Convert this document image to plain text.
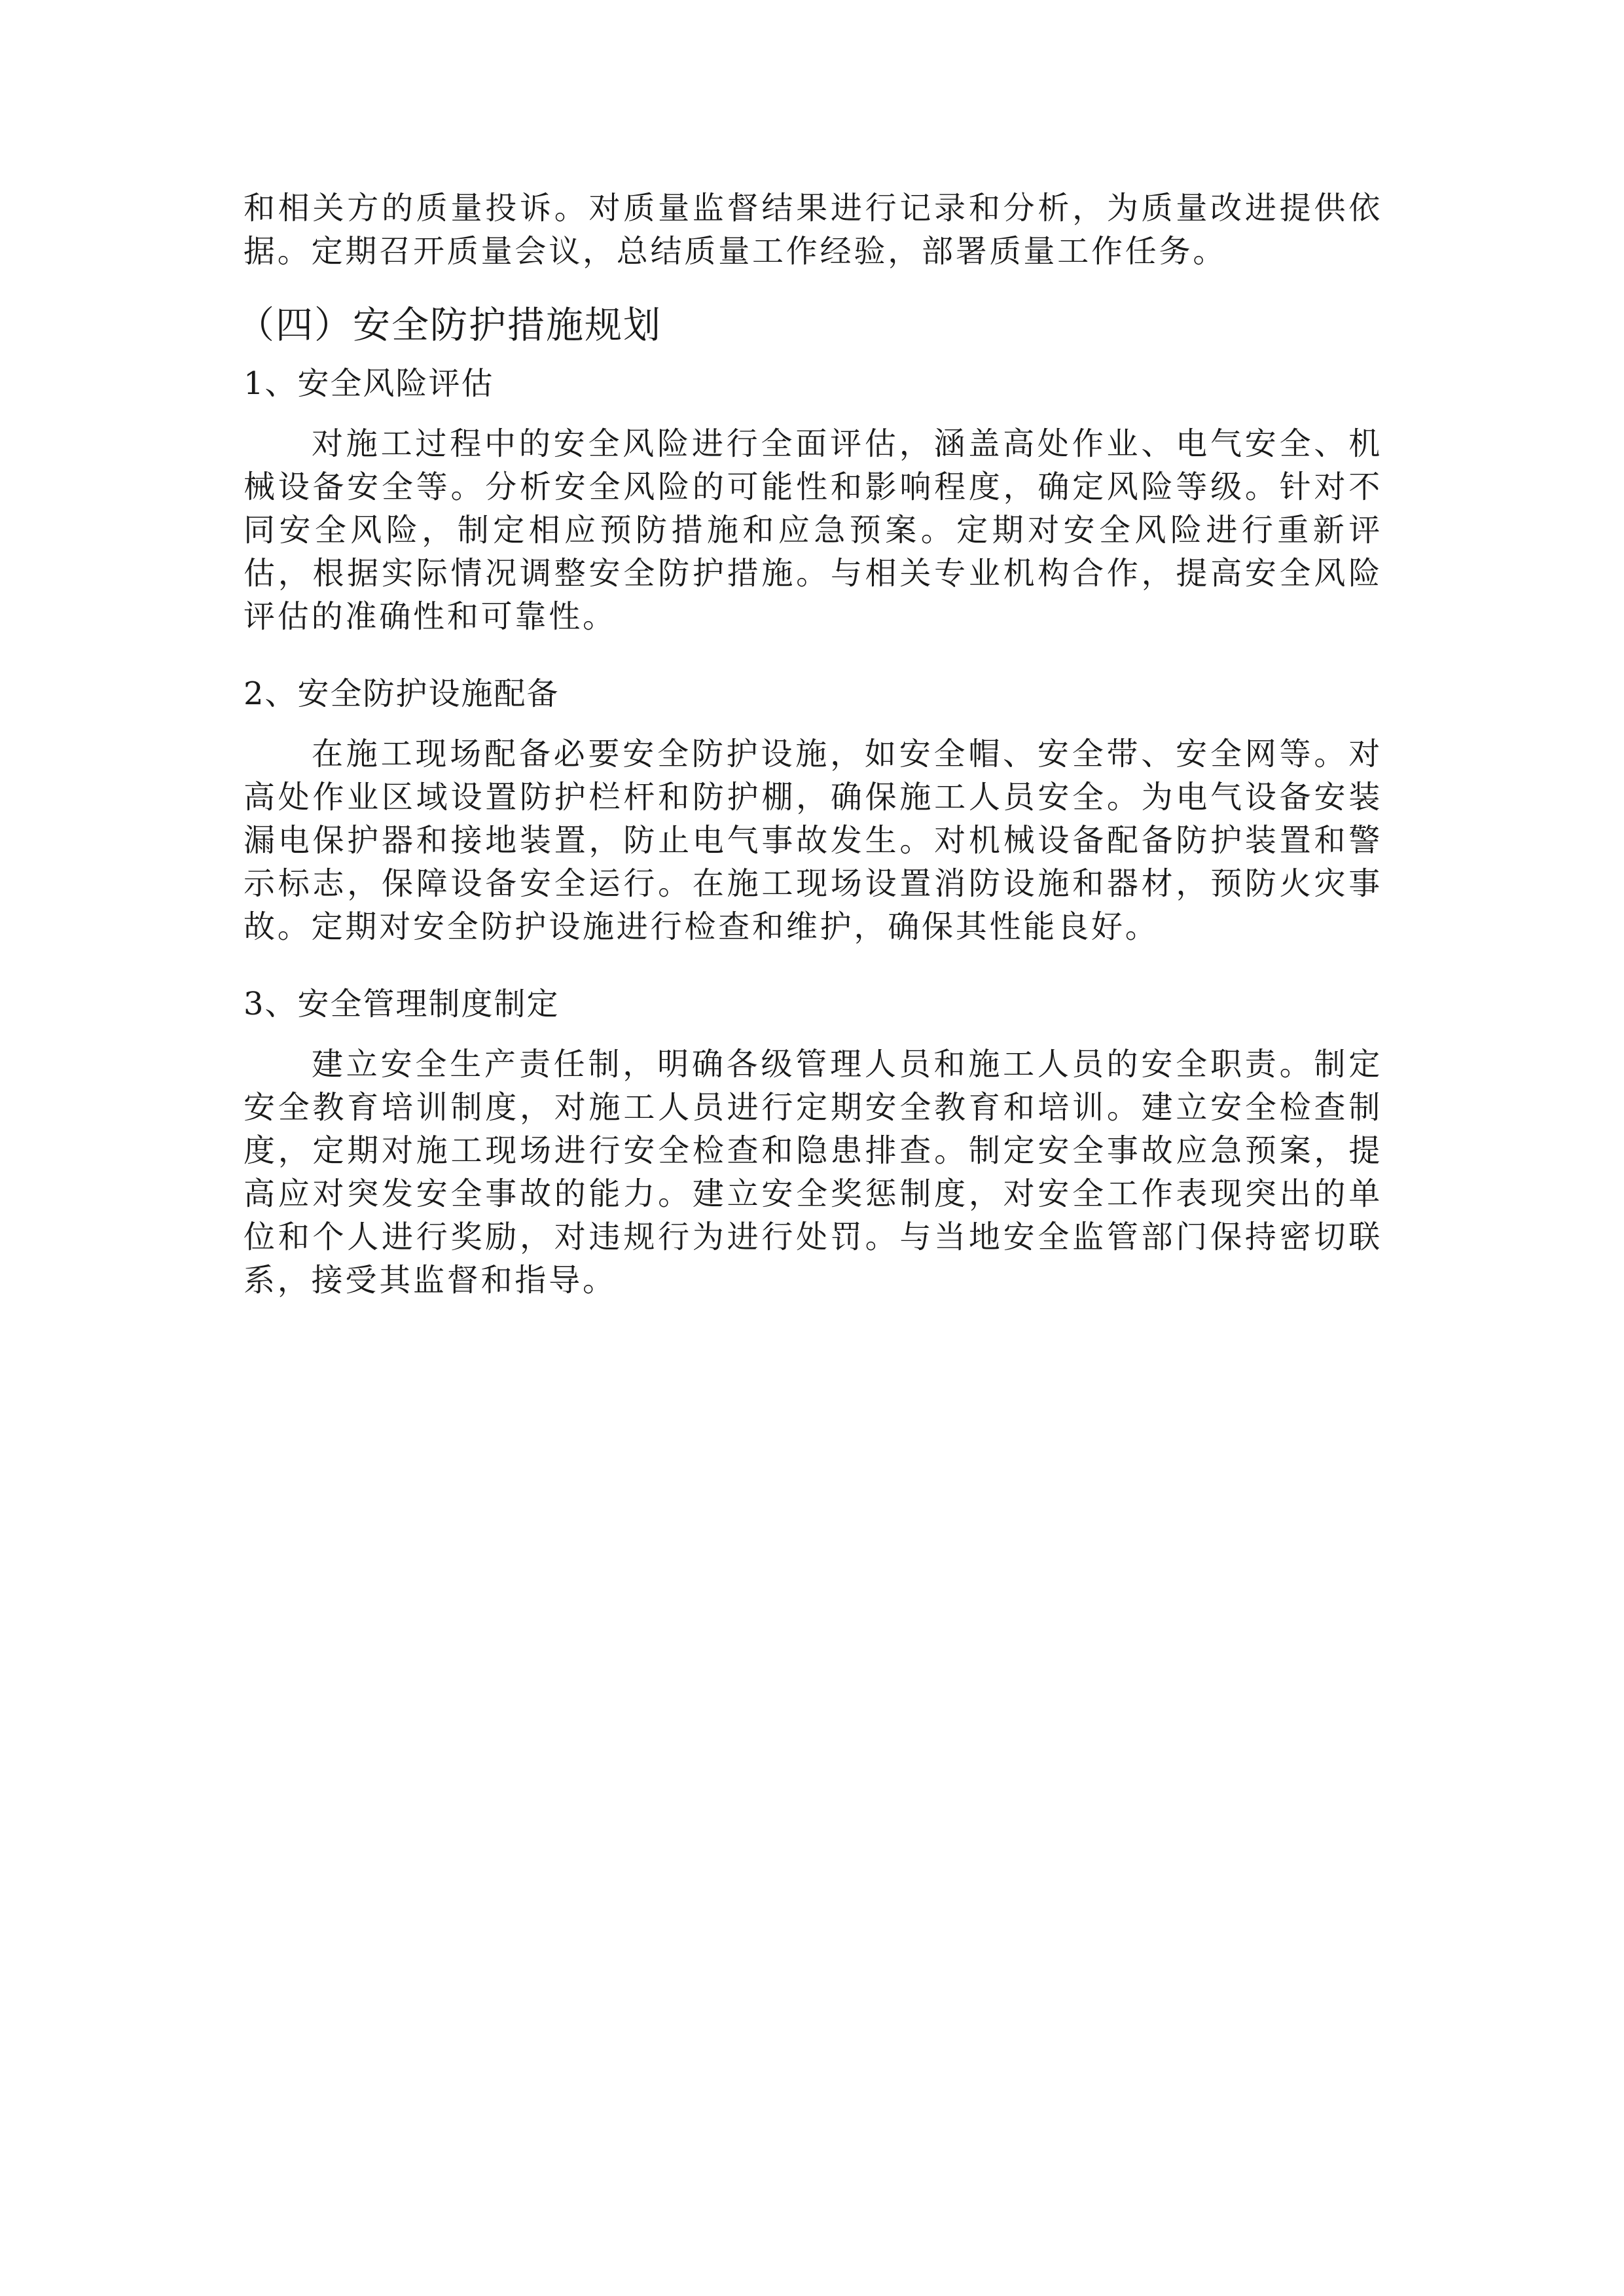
和相关方的质量投诉。对质量监督结果进行记录和分析，为质量改进提供依据。定期召开质量会议，总结质量工作经验，部署质量工作任务。

（四）安全防护措施规划
1、安全风险评估

对施工过程中的安全风险进行全面评估，涵盖高处作业、电气安全、机械设备安全等。分析安全风险的可能性和影响程度，确定风险等级。针对不同安全风险，制定相应预防措施和应急预案。定期对安全风险进行重新评估，根据实际情况调整安全防护措施。与相关专业机构合作，提高安全风险评估的准确性和可靠性。

2、安全防护设施配备

在施工现场配备必要安全防护设施，如安全帽、安全带、安全网等。对高处作业区域设置防护栏杆和防护棚，确保施工人员安全。为电气设备安装漏电保护器和接地装置，防止电气事故发生。对机械设备配备防护装置和警示标志，保障设备安全运行。在施工现场设置消防设施和器材，预防火灾事故。定期对安全防护设施进行检查和维护，确保其性能良好。

3、安全管理制度制定

建立安全生产责任制，明确各级管理人员和施工人员的安全职责。制定安全教育培训制度，对施工人员进行定期安全教育和培训。建立安全检查制度，定期对施工现场进行安全检查和隐患排查。制定安全事故应急预案，提高应对突发安全事故的能力。建立安全奖惩制度，对安全工作表现突出的单位和个人进行奖励，对违规行为进行处罚。与当地安全监管部门保持密切联系，接受其监督和指导。
